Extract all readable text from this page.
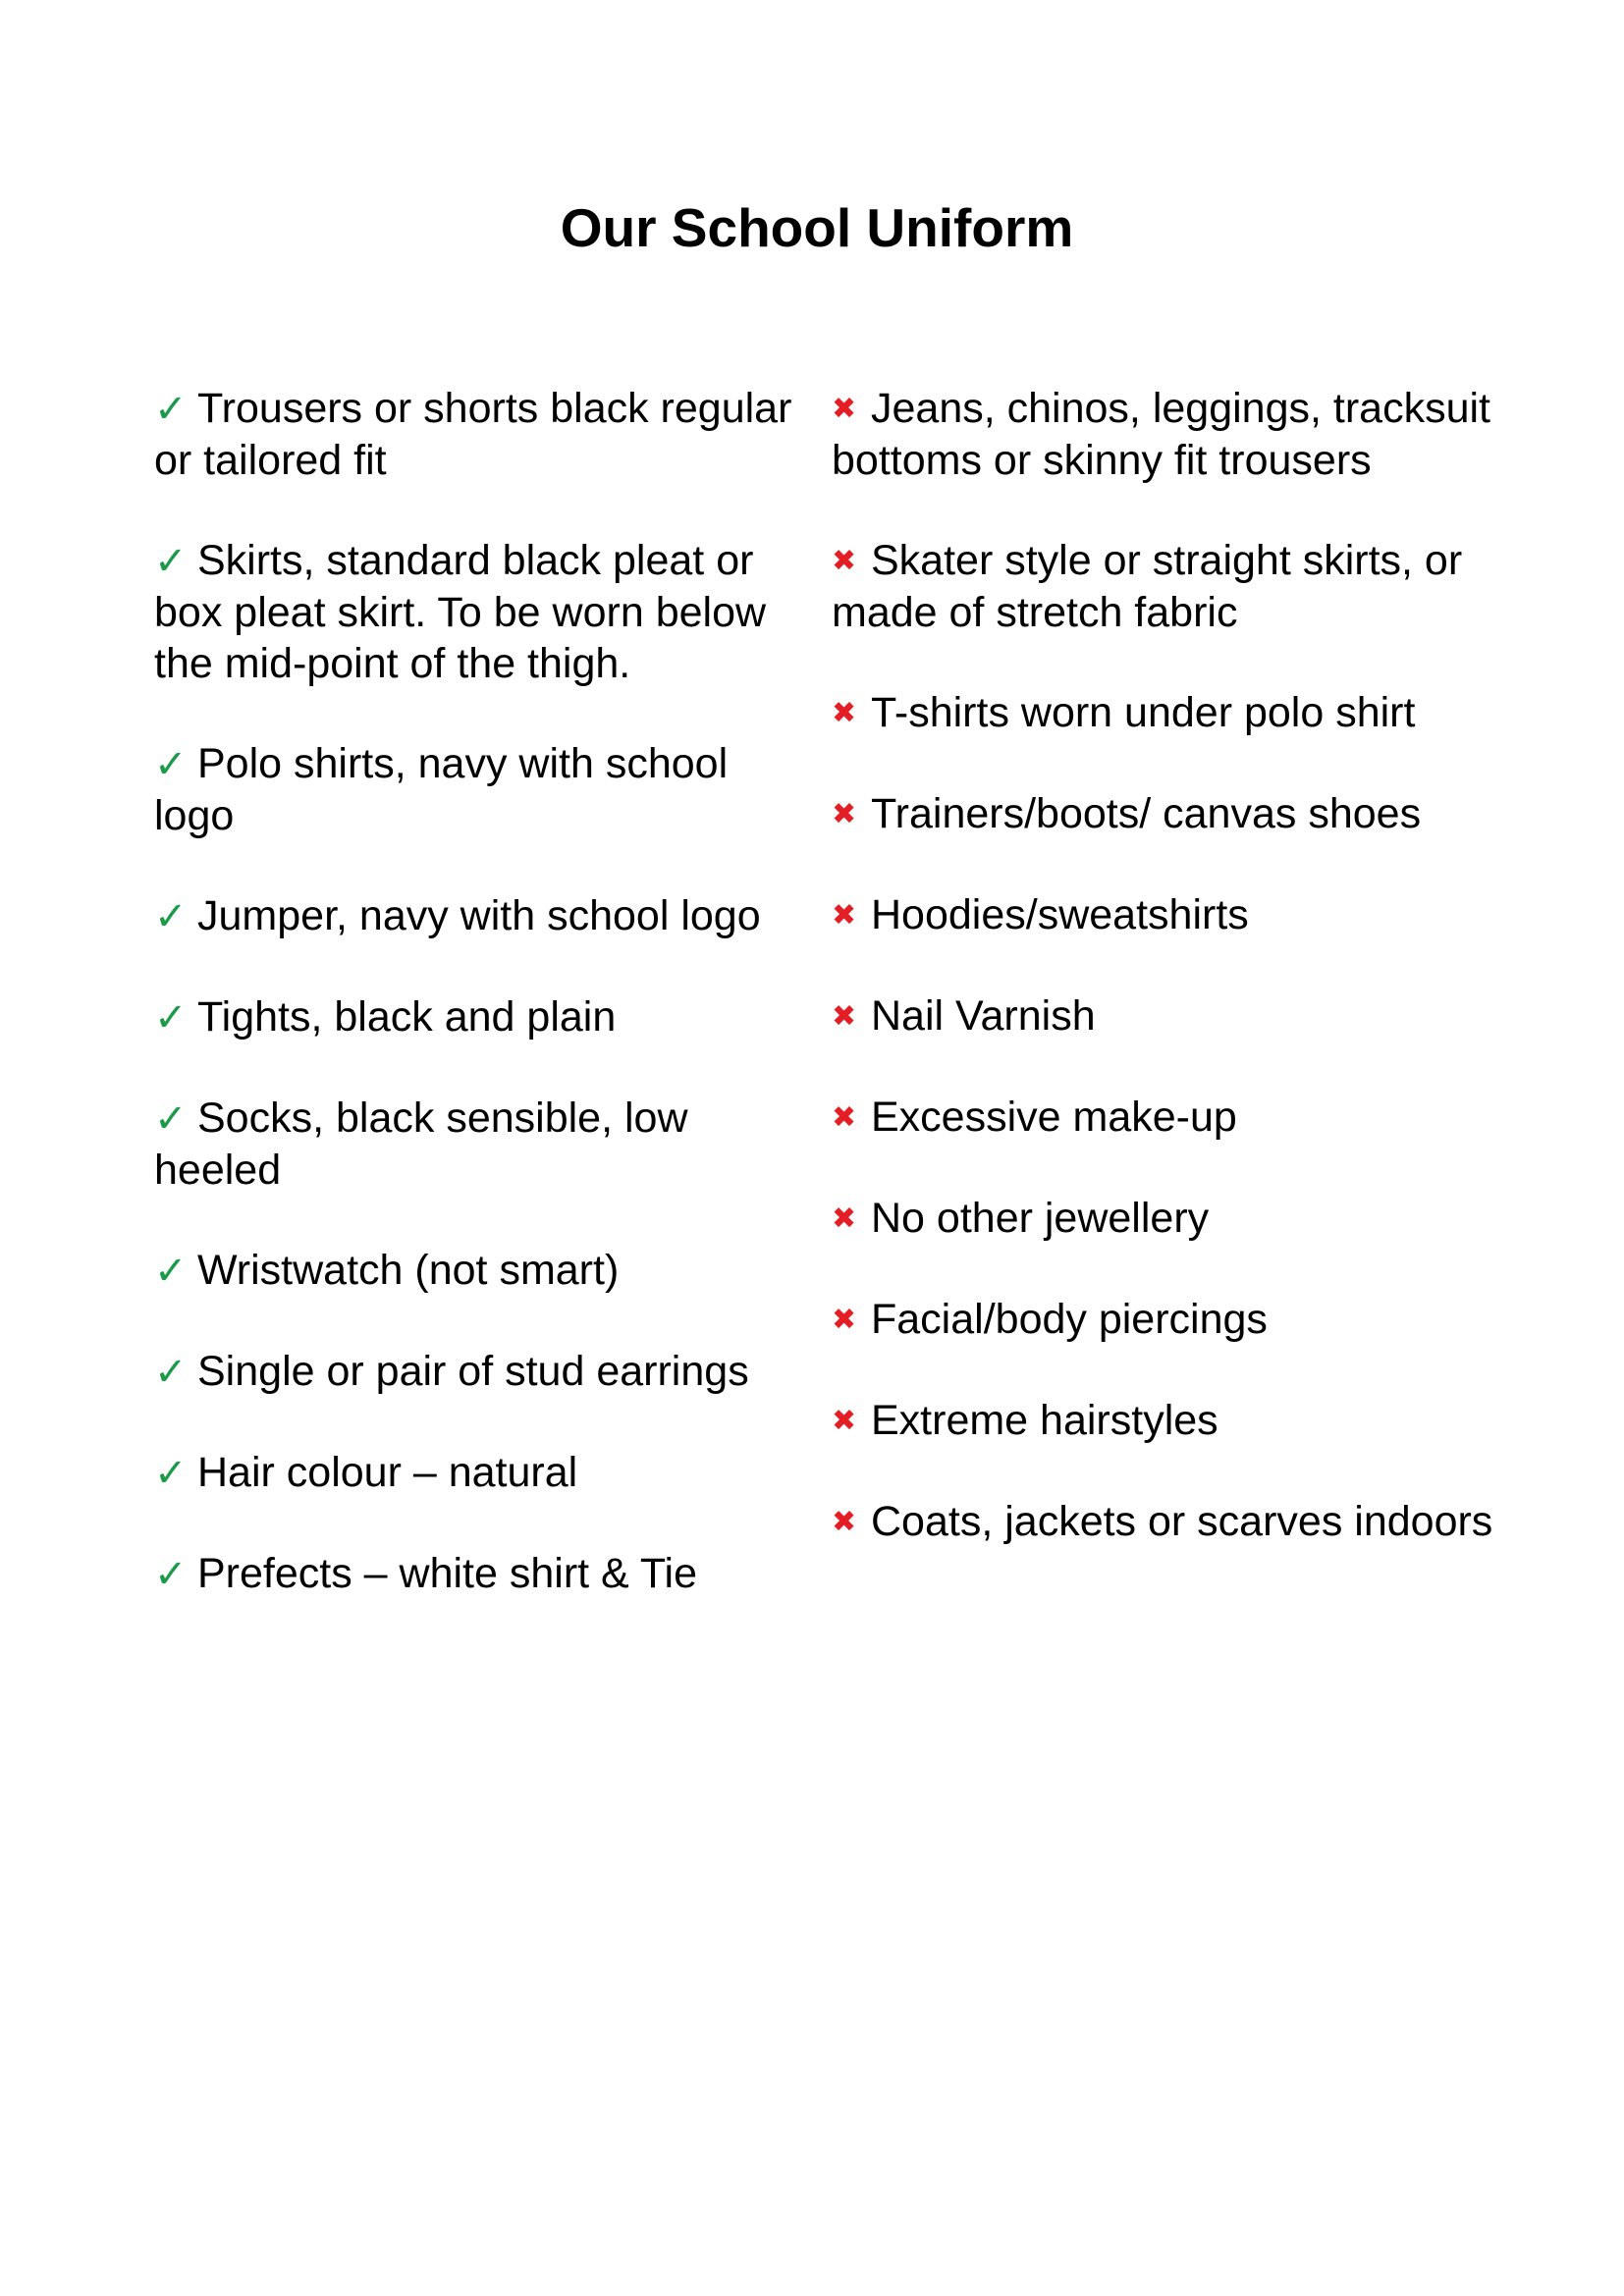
Our School Uniform

✓ Trousers or shorts black regular or tailored fit

✓ Skirts, standard black pleat or box pleat skirt. To be worn below the mid-point of the thigh.

✓ Polo shirts, navy with school logo

✓ Jumper, navy with school logo

✓ Tights, black and plain

✓ Socks, black sensible, low heeled

✓ Wristwatch (not smart)

✓ Single or pair of stud earrings

✓ Hair colour – natural

✓ Prefects – white shirt & Tie

✖ Jeans, chinos, leggings, tracksuit bottoms or skinny fit trousers

✖ Skater style or straight skirts, or made of stretch fabric

✖ T-shirts worn under polo shirt

✖ Trainers/boots/ canvas shoes

✖ Hoodies/sweatshirts

✖ Nail Varnish

✖ Excessive make-up

✖ No other jewellery

✖ Facial/body piercings

✖ Extreme hairstyles

✖ Coats, jackets or scarves indoors
